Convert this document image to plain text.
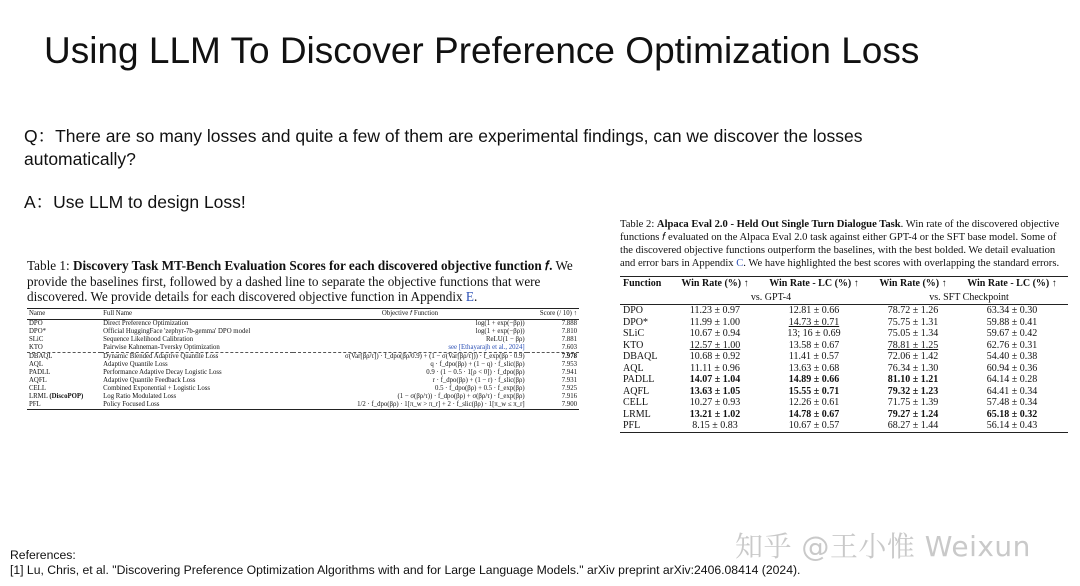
Using LLM To Discover Preference Optimization Loss
Q：There are so many losses and quite a few of them are experimental findings, can we discover the losses automatically?
A：Use LLM to design Loss!
Table 1: Discovery Task MT-Bench Evaluation Scores for each discovered objective function 𝑓. We provide the baselines first, followed by a dashed line to separate the objective functions that were discovered. We provide details for each discovered objective function in Appendix E.
Name	Full Name	Objective 𝑓 Function	Score (/ 10) ↑
DPO	Direct Preference Optimization	log(1 + exp(−βρ))	7.888
DPO*	Official HuggingFace 'zephyr-7b-gemma' DPO model	log(1 + exp(−βρ))	7.810
SLiC	Sequence Likelihood Calibration	ReLU(1 − βρ)	7.881
KTO	Pairwise Kahneman-Tversky Optimization	see [Ethayarajh et al., 2024]	7.603
DBAQL	Dynamic Blended Adaptive Quantile Loss	σ(Var[βρ/τ]) · f_dpo(βρ/0.9) + (1 − σ(Var[βρ/τ])) · f_exp(βρ · 0.9)	7.978
AQL	Adaptive Quantile Loss	q · f_dpo(βρ) + (1 − q) · f_slic(βρ)	7.953
PADLL	Performance Adaptive Decay Logistic Loss	0.9 · (1 − 0.5 · 1[ρ < 0]) · f_dpo(βρ)	7.941
AQFL	Adaptive Quantile Feedback Loss	r · f_dpo(βρ) + (1 − r) · f_slic(βρ)	7.931
CELL	Combined Exponential + Logistic Loss	0.5 · f_dpo(βρ) + 0.5 · f_exp(βρ)	7.925
LRML (DiscoPOP)	Log Ratio Modulated Loss	(1 − σ(βρ/τ)) · f_dpo(βρ) + σ(βρ/τ) · f_exp(βρ)	7.916
PFL	Policy Focused Loss	1/2 · f_dpo(βρ) · 1[π_w > π_r] + 2 · f_slic(βρ) · 1[π_w ≤ π_r]	7.900
Table 2: Alpaca Eval 2.0 - Held Out Single Turn Dialogue Task. Win rate of the discovered objective functions 𝑓 evaluated on the Alpaca Eval 2.0 task against either GPT-4 or the SFT base model. Some of the discovered objective functions outperform the baselines, with the best bolded. We detail evaluation and error bars in Appendix C. We have highlighted the best scores with overlapping the standard errors.
Function	Win Rate (%) ↑	Win Rate - LC (%) ↑	Win Rate (%) ↑	Win Rate - LC (%) ↑
	vs. GPT-4		vs. SFT Checkpoint	
DPO	11.23 ± 0.97	12.81 ± 0.66	78.72 ± 1.26	63.34 ± 0.30
DPO*	11.99 ± 1.00	14.73 ± 0.71	75.75 ± 1.31	59.88 ± 0.41
SLiC	10.67 ± 0.94	13; 16 ± 0.69	75.05 ± 1.34	59.67 ± 0.42
KTO	12.57 ± 1.00	13.58 ± 0.67	78.81 ± 1.25	62.76 ± 0.31
DBAQL	10.68 ± 0.92	11.41 ± 0.57	72.06 ± 1.42	54.40 ± 0.38
AQL	11.11 ± 0.96	13.63 ± 0.68	76.34 ± 1.30	60.94 ± 0.36
PADLL	14.07 ± 1.04	14.89 ± 0.66	81.10 ± 1.21	64.14 ± 0.28
AQFL	13.63 ± 1.05	15.55 ± 0.71	79.32 ± 1.23	64.41 ± 0.34
CELL	10.27 ± 0.93	12.26 ± 0.61	71.75 ± 1.39	57.48 ± 0.34
LRML	13.21 ± 1.02	14.78 ± 0.67	79.27 ± 1.24	65.18 ± 0.32
PFL	8.15 ± 0.83	10.67 ± 0.57	68.27 ± 1.44	56.14 ± 0.43
知乎 @王小惟 Weixun
References:
[1] Lu, Chris, et al. "Discovering Preference Optimization Algorithms with and for Large Language Models." arXiv preprint arXiv:2406.08414 (2024).
